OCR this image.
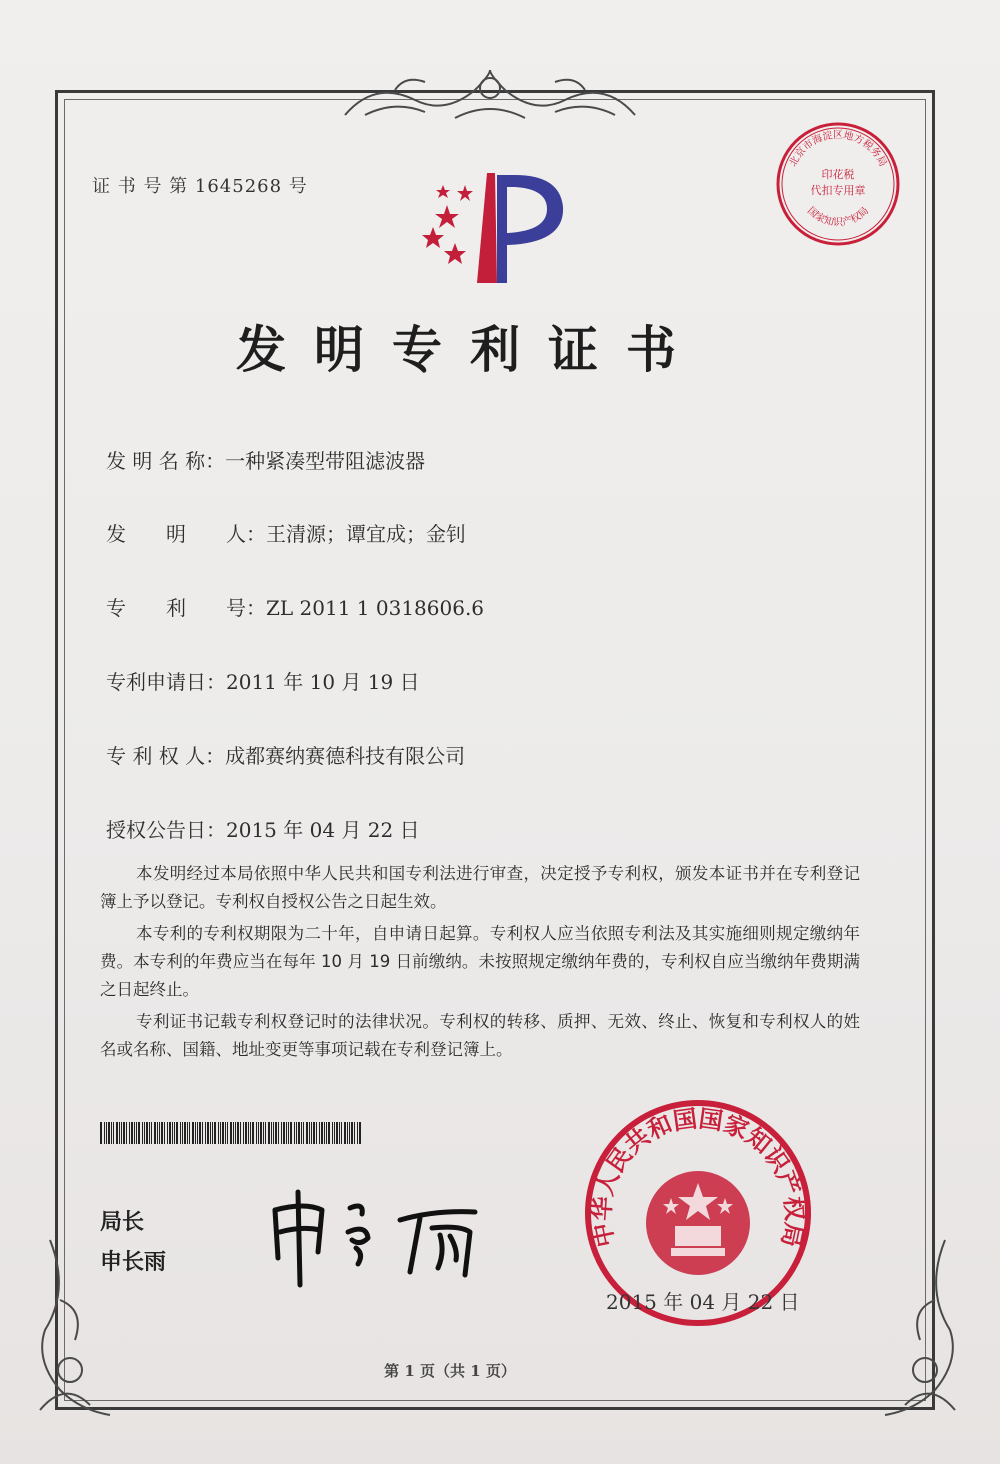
证 书 号 第 1645268 号
北京市海淀区地方税务局
印花税
代扣专用章
国家知识产权局
发明专利证书
发 明 名 称：一种紧凑型带阻滤波器
发　　明　　人：王清源；谭宜成；金钊
专　　利　　号：ZL 2011 1 0318606.6
专利申请日：2011 年 10 月 19 日
专 利 权 人：成都赛纳赛德科技有限公司
授权公告日：2015 年 04 月 22 日

本发明经过本局依照中华人民共和国专利法进行审查，决定授予专利权，颁发本证书并在专利登记簿上予以登记。专利权自授权公告之日起生效。

本专利的专利权期限为二十年，自申请日起算。专利权人应当依照专利法及其实施细则规定缴纳年费。本专利的年费应当在每年 10 月 19 日前缴纳。未按照规定缴纳年费的，专利权自应当缴纳年费期满之日起终止。

专利证书记载专利权登记时的法律状况。专利权的转移、质押、无效、终止、恢复和专利权人的姓名或名称、国籍、地址变更等事项记载在专利登记簿上。

局长
申长雨
中华人民共和国国家知识产权局
2015 年 04 月 22 日
第 1 页（共 1 页）
